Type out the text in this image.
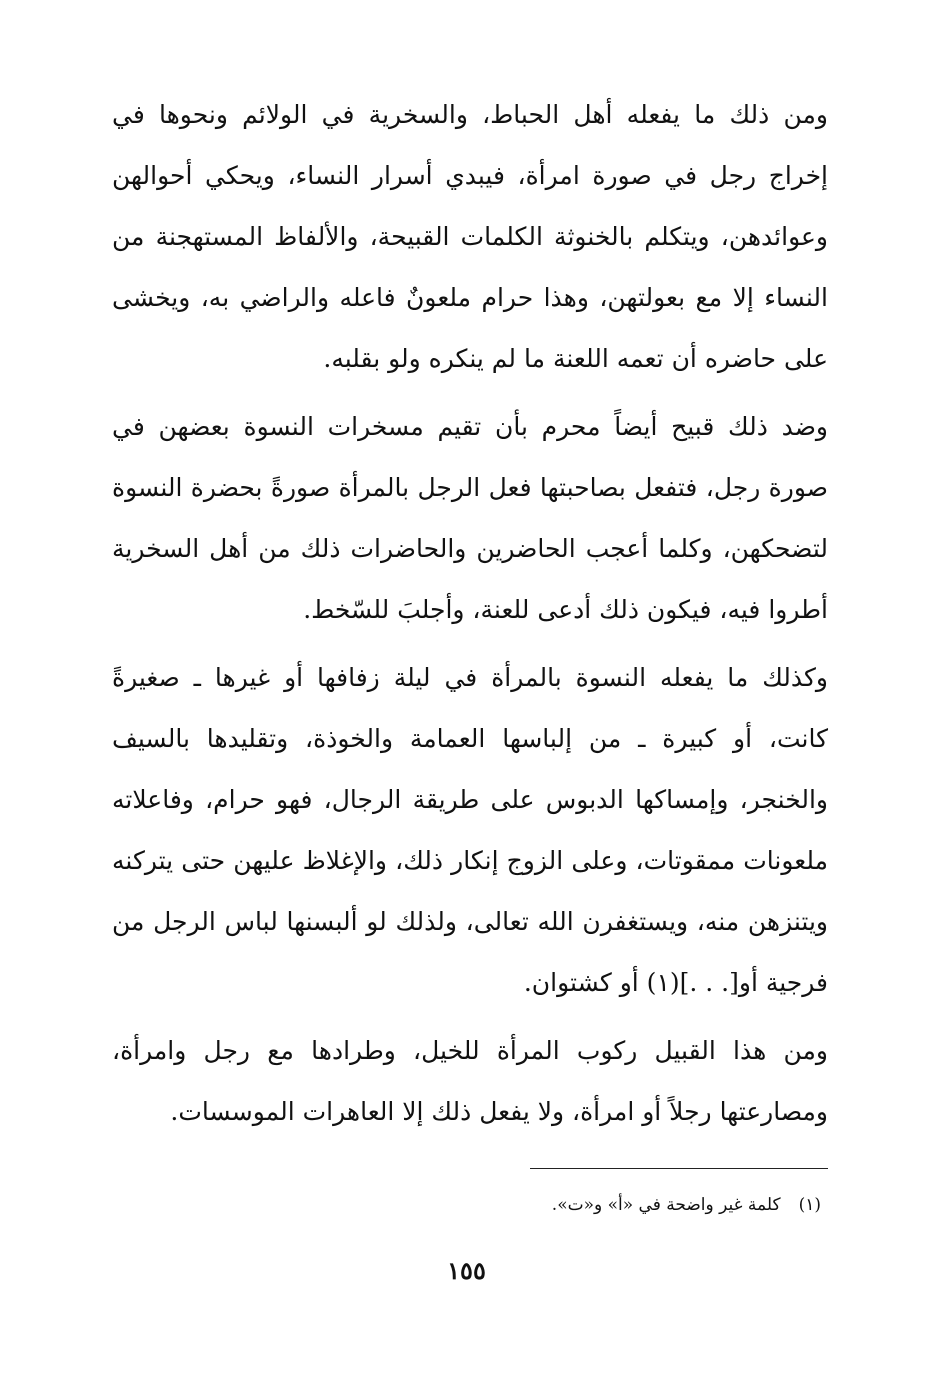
ومن ذلك ما يفعله أهل الحباط، والسخرية في الولائم ونحوها في إخراج رجل في صورة امرأة، فيبدي أسرار النساء، ويحكي أحوالهن وعوائدهن، ويتكلم بالخنوثة الكلمات القبيحة، والألفاظ المستهجنة من النساء إلا مع بعولتهن، وهذا حرام ملعونٌ فاعله والراضي به، ويخشى على حاضره أن تعمه اللعنة ما لم ينكره ولو بقلبه.

وضد ذلك قبيح أيضاً محرم بأن تقيم مسخرات النسوة بعضهن في صورة رجل، فتفعل بصاحبتها فعل الرجل بالمرأة صورةً بحضرة النسوة لتضحكهن، وكلما أعجب الحاضرين والحاضرات ذلك من أهل السخرية أطروا فيه، فيكون ذلك أدعى للعنة، وأجلبَ للسّخط.

وكذلك ما يفعله النسوة بالمرأة في ليلة زفافها أو غيرها ـ صغيرةً كانت، أو كبيرة ـ من إلباسها العمامة والخوذة، وتقليدها بالسيف والخنجر، وإمساكها الدبوس على طريقة الرجال، فهو حرام، وفاعلاته ملعونات ممقوتات، وعلى الزوج إنكار ذلك، والإغلاظ عليهن حتى يتركنه ويتنزهن منه، ويستغفرن الله تعالى، ولذلك لو ألبسنها لباس الرجل من فرجية أو[. . .](١) أو كشتوان.

ومن هذا القبيل ركوب المرأة للخيل، وطرادها مع رجل وامرأة، ومصارعتها رجلاً أو امرأة، ولا يفعل ذلك إلا العاهرات الموسسات.

(١)كلمة غير واضحة في «أ» و«ت».
١٥٥
